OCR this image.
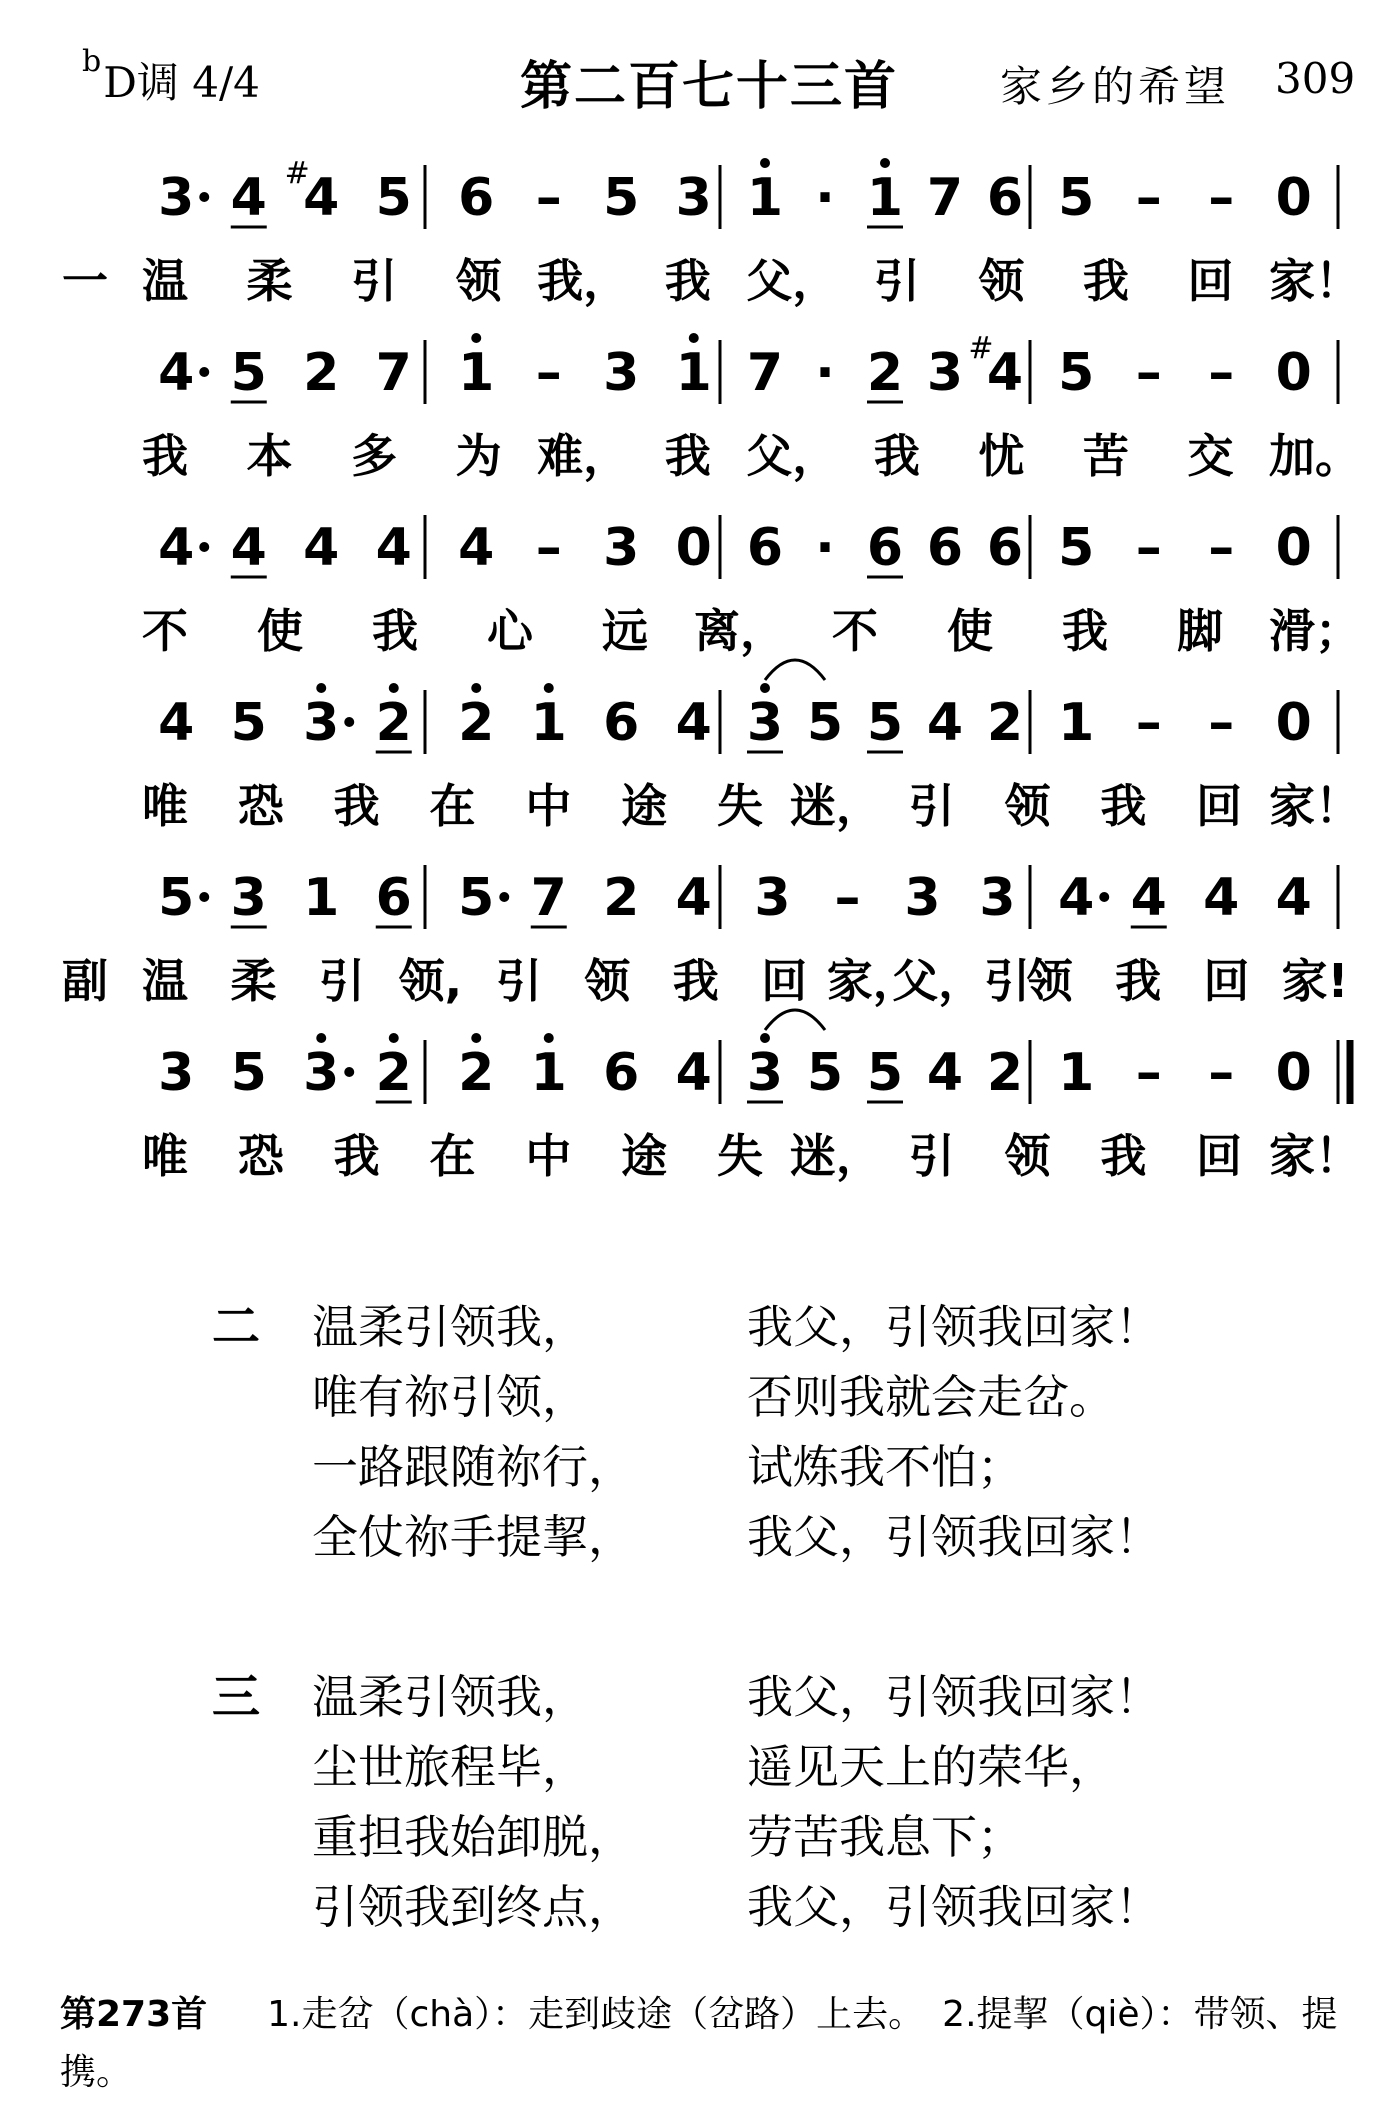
$^b$D调 4/4	第二百七十三首 家乡的希望 309
3 4 4
# 5 6 – 5 3 1 · 1 7 6 5 – – 0
一 温 柔 引 领 我， 我 父， 引 领 我 回 家！
4 5 2 7 1 – 3 1 7 · 2 3 4
# 5 – – 0
我 本 多 为 难， 我 父， 我 忧 苦 交 加。
4 4 4 4 4 – 3 0 6 · 6 6 6 5 – – 0
不 使 我 心 远 离， 不 使 我 脚 滑；
4 5 3 2 2 1 6 4 3 5 5 4 2 1 – – 0
唯 恐 我 在 中 途 失 迷， 引 领 我 回 家！
5 3 1 6 5 7 2 4 3 – 3 3 4 4 4 4
副 温 柔 引 领, 引 领 我 回 家，
父，引
领 我 回 家!
3 5 3 2 2 1 6 4 3 5 5 4 2 1 – – 0
唯 恐 我 在 中 途 失 迷， 引 领 我 回 家！
二 温柔引领我，	我父，引领我回家！
唯有祢引领，	否则我就会走岔。
一路跟随祢行， 试炼我不怕；
全仗祢手提挈， 我父，引领我回家！
三 温柔引领我，	我父，引领我回家！
尘世旅程毕，	遥见天上的荣华，
重担我始卸脱， 劳苦我息下；
引领我到终点， 我父，引领我回家！
第273首 1.走岔（chà）：走到歧途（岔路）上去。　2.提挈（qiè）：带领、提携。
